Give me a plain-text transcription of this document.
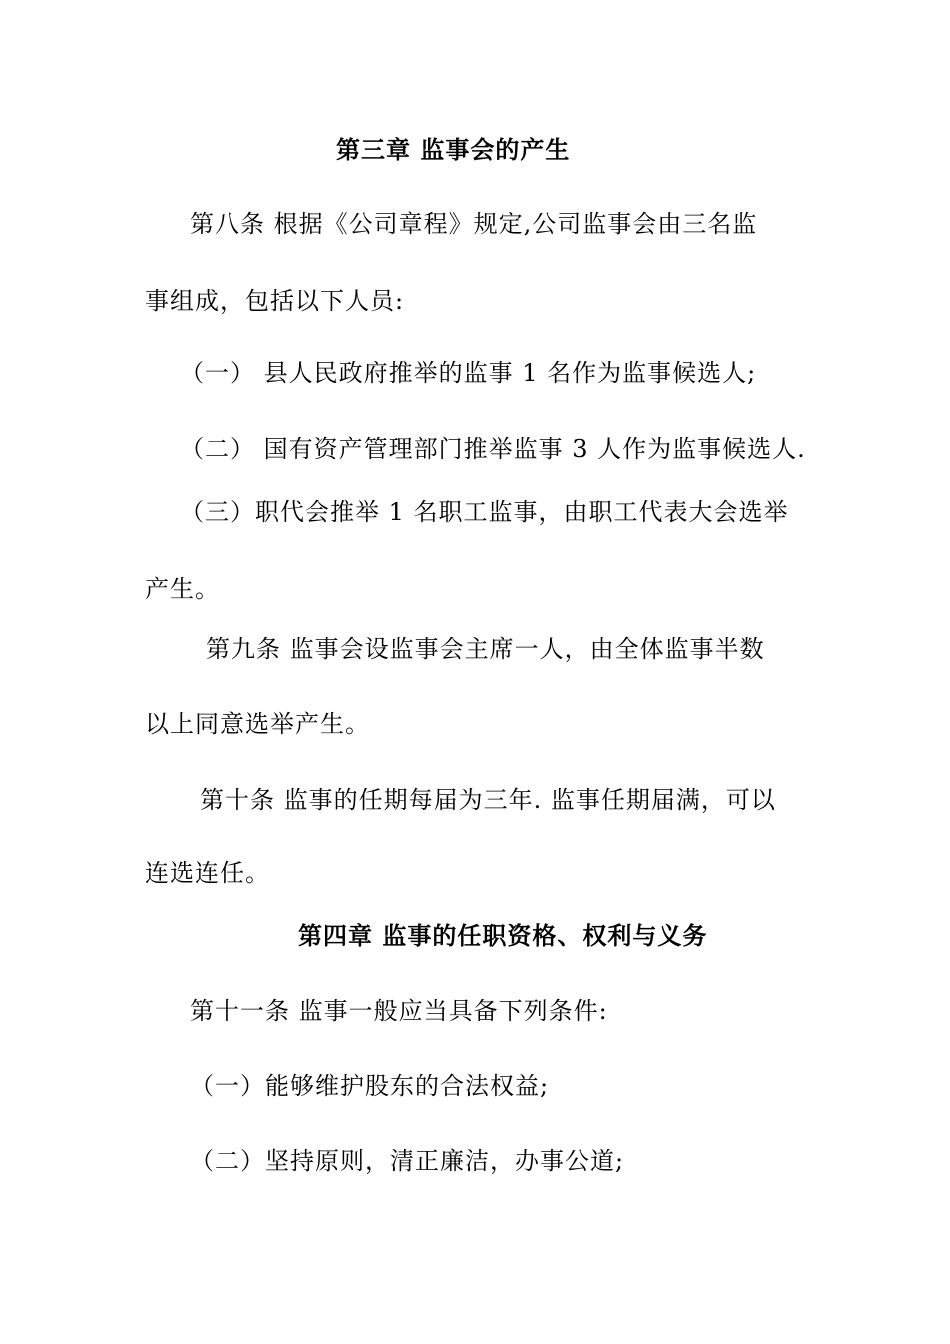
第三章 监事会的产生
第八条 根据《公司章程》规定,公司监事会由三名监
事组成，包括以下人员:
（一） 县人民政府推举的监事 1 名作为监事候选人;
（二） 国有资产管理部门推举监事 3 人作为监事候选人.
（三）职代会推举 1 名职工监事，由职工代表大会选举
产生。
第九条 监事会设监事会主席一人，由全体监事半数
以上同意选举产生。
第十条 监事的任期每届为三年. 监事任期届满，可以
连选连任。
第四章 监事的任职资格、权利与义务
第十一条 监事一般应当具备下列条件:
（一）能够维护股东的合法权益;
（二）坚持原则，清正廉洁，办事公道;
